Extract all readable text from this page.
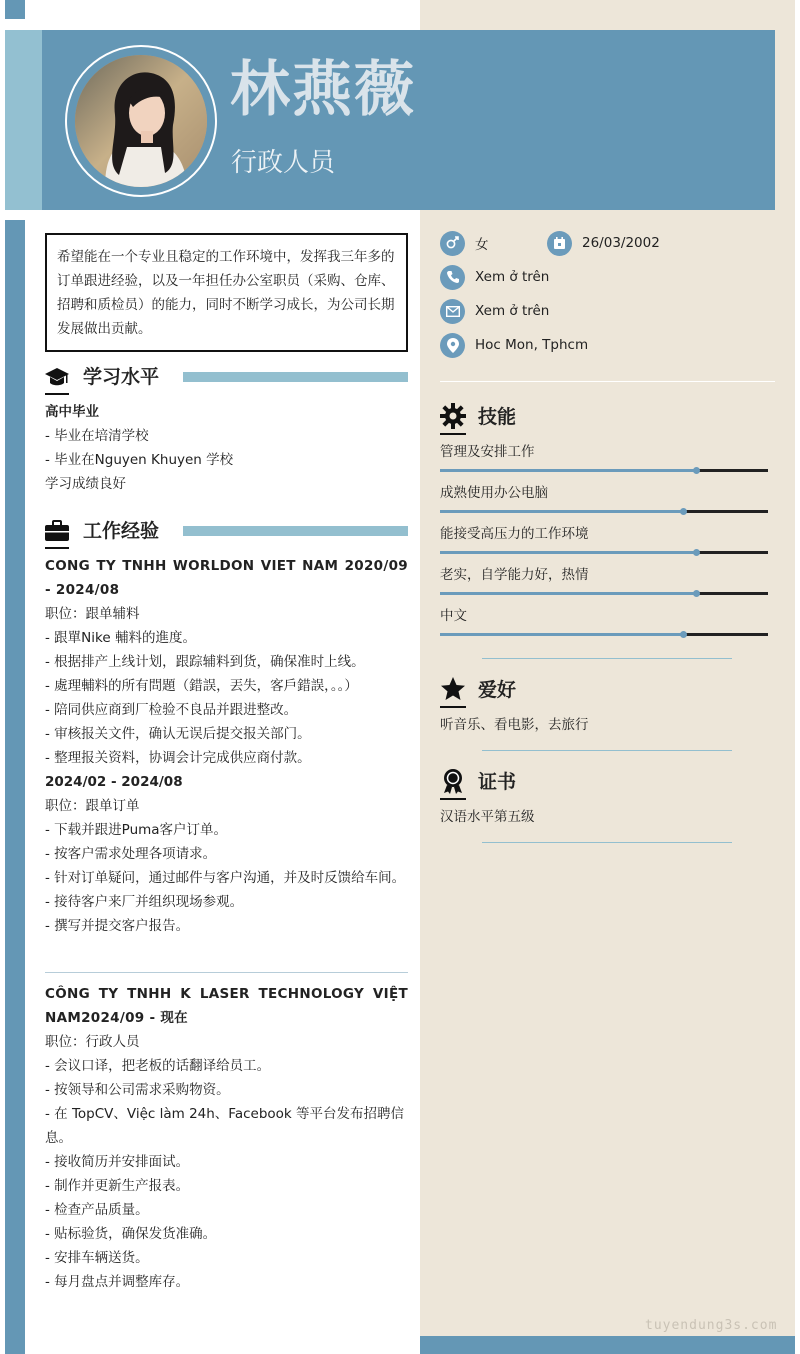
林燕薇
行政人员
希望能在一个专业且稳定的工作环境中，发挥我三年多的订单跟进经验，以及一年担任办公室职员（采购、仓库、招聘和质检员）的能力，同时不断学习成长，为公司长期发展做出贡献。
学习水平
高中毕业
- 毕业在培清学校
- 毕业在Nguyen Khuyen 学校
学习成绩良好
工作经验
CONG TY TNHH WORLDON VIET NAM 2020/09 - 2024/08
职位：跟单辅料
- 跟單Nike 輔料的進度。
- 根据排产上线计划，跟踪辅料到货，确保准时上线。
- 處理輔料的所有問題（錯誤，丟失，客戶錯誤，。。）
- 陪同供应商到厂检验不良品并跟进整改。
- 审核报关文件，确认无误后提交报关部门。
- 整理报关资料，协调会计完成供应商付款。
2024/02 - 2024/08
职位：跟单订单
- 下载并跟进Puma客户订单。
- 按客户需求处理各项请求。
- 针对订单疑问，通过邮件与客户沟通，并及时反馈给车间。
- 接待客户来厂并组织现场参观。
- 撰写并提交客户报告。
CÔNG TY TNHH K LASER TECHNOLOGY VIỆT NAM2024/09 - 现在
职位：行政人员
- 会议口译，把老板的话翻译给员工。
- 按领导和公司需求采购物资。
- 在 TopCV、Việc làm 24h、Facebook 等平台发布招聘信息。
- 接收简历并安排面试。
- 制作并更新生产报表。
- 检查产品质量。
- 贴标验货，确保发货准确。
- 安排车辆送货。
- 每月盘点并调整库存。
女	26/03/2002
Xem ở trên
Xem ở trên
Hoc Mon, Tphcm
技能
管理及安排工作
成熟使用办公电脑
能接受高压力的工作环境
老实，自学能力好，热情
中文
爱好
听音乐、看电影，去旅行
证书
汉语水平第五级
tuyendung3s.com
